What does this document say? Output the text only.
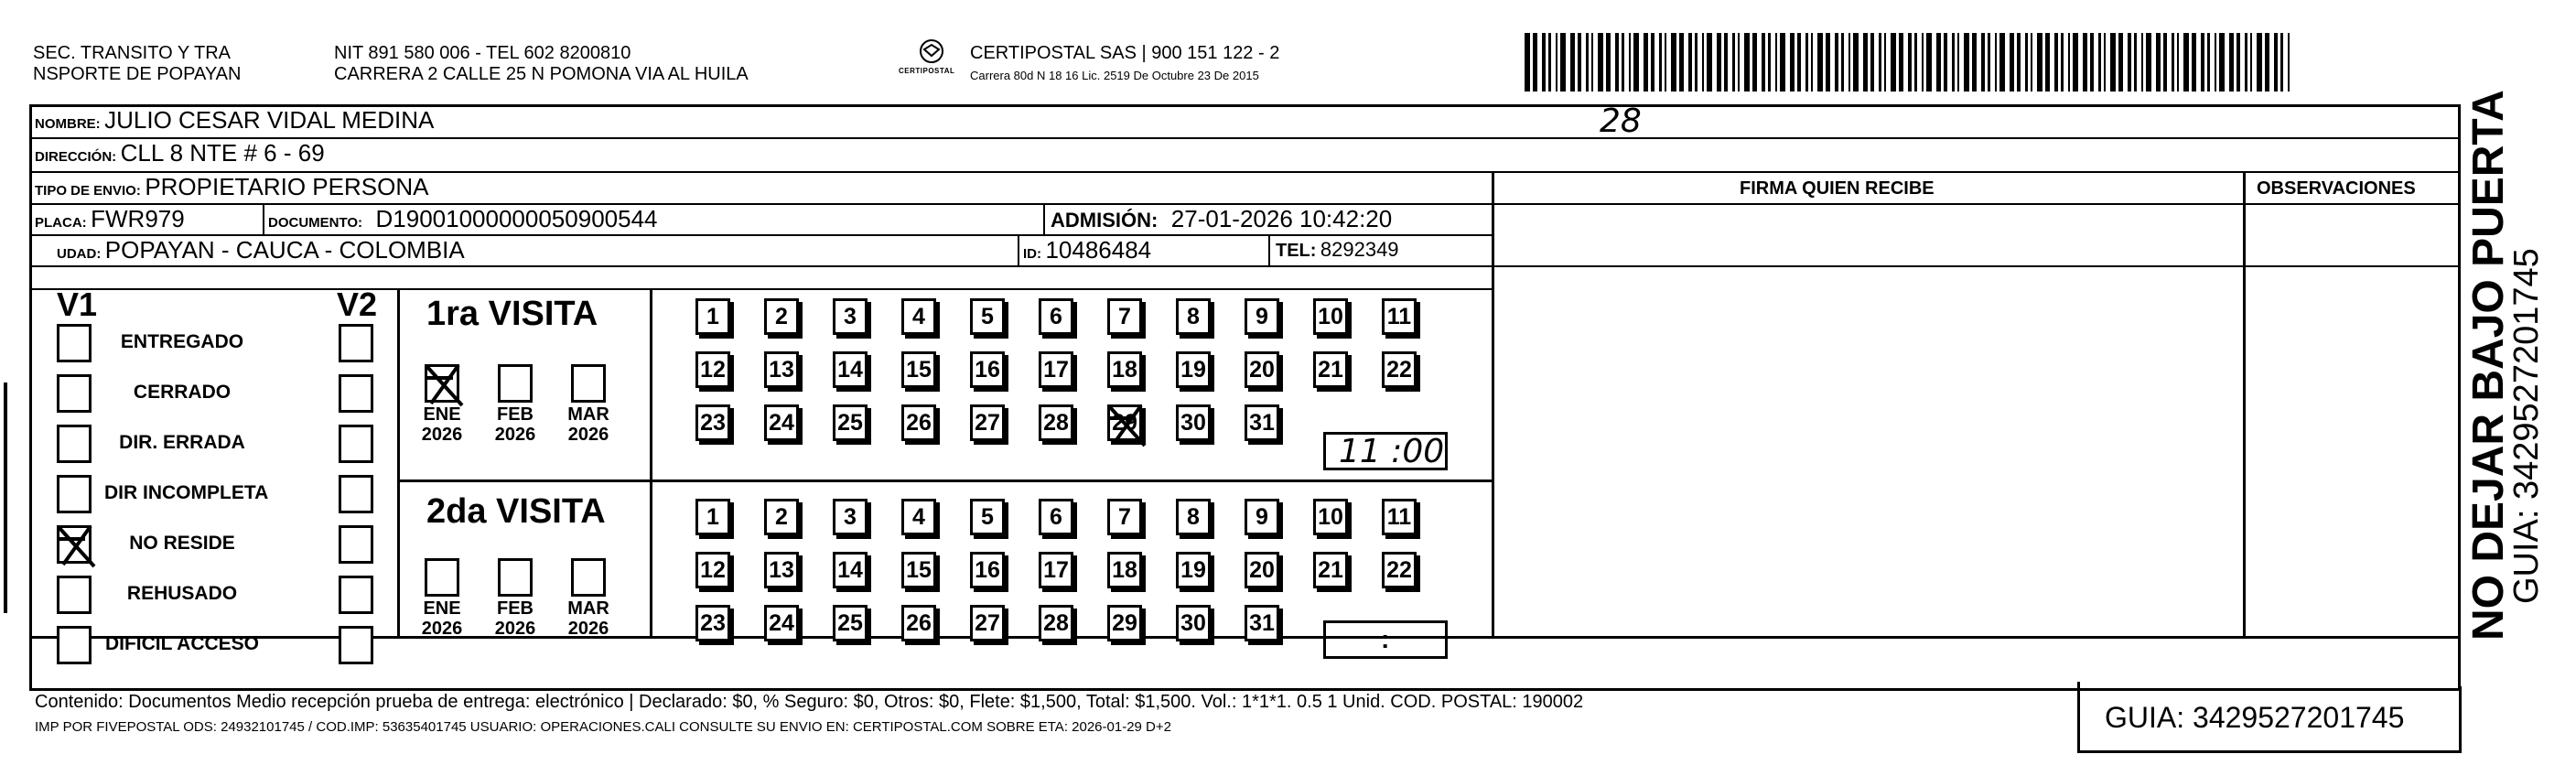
SEC. TRANSITO Y TRA
NSPORTE DE POPAYAN
NIT 891 580 006 - TEL 602 8200810
CARRERA 2 CALLE 25 N POMONA VIA AL HUILA	CERTIPOSTAL
CERTIPOSTAL SAS | 900 151 122 - 2
Carrera 80d N 18 16 Lic. 2519 De Octubre 23 De 2015
NOMBRE: JULIO CESAR VIDAL MEDINA	28
DIRECCIÓN: CLL 8 NTE # 6 - 69
TIPO DE ENVIO: PROPIETARIO PERSONA	FIRMA QUIEN RECIBE	OBSERVACIONES
PLACA: FWR979	DOCUMENTO: D19001000000050900544	ADMISIÓN: 27-01-2026 10:42:20
UDAD: POPAYAN - CAUCA - COLOMBIA	ID: 10486484	TEL: 8292349
V1	V2
ENTREGADO
CERRADO
DIR. ERRADA
DIR INCOMPLETA
NO RESIDE
REHUSADO
DIFICIL ACCESO
1ra VISITA
2da VISITA
ENE
2026
FEB
2026
MAR
2026
ENE
2026
FEB
2026
MAR
2026
1	2	3	4	5	6	7	8	9	10 11
12 13 14 15 16 17 18 19 20 21 22
23 24 25 26 27 28 29 30 31
1	2	3	4	5	6	7	8	9	10 11
12 13 14 15 16 17 18 19 20 21 22
23 24 25 26 27 28 29 30 31
11 :00
:
Contenido: Documentos Medio recepción prueba de entrega: electrónico | Declarado: $0, % Seguro: $0, Otros: $0, Flete: $1,500, Total: $1,500. Vol.: 1*1*1. 0.5 1 Unid. COD. POSTAL: 190002
IMP POR FIVEPOSTAL ODS: 24932101745 / COD.IMP: 53635401745 USUARIO: OPERACIONES.CALI CONSULTE SU ENVIO EN: CERTIPOSTAL.COM SOBRE ETA: 2026-01-29 D+2	GUIA: 3429527201745
NO DEJAR BAJO PUERTA
GUIA: 3429527201745
